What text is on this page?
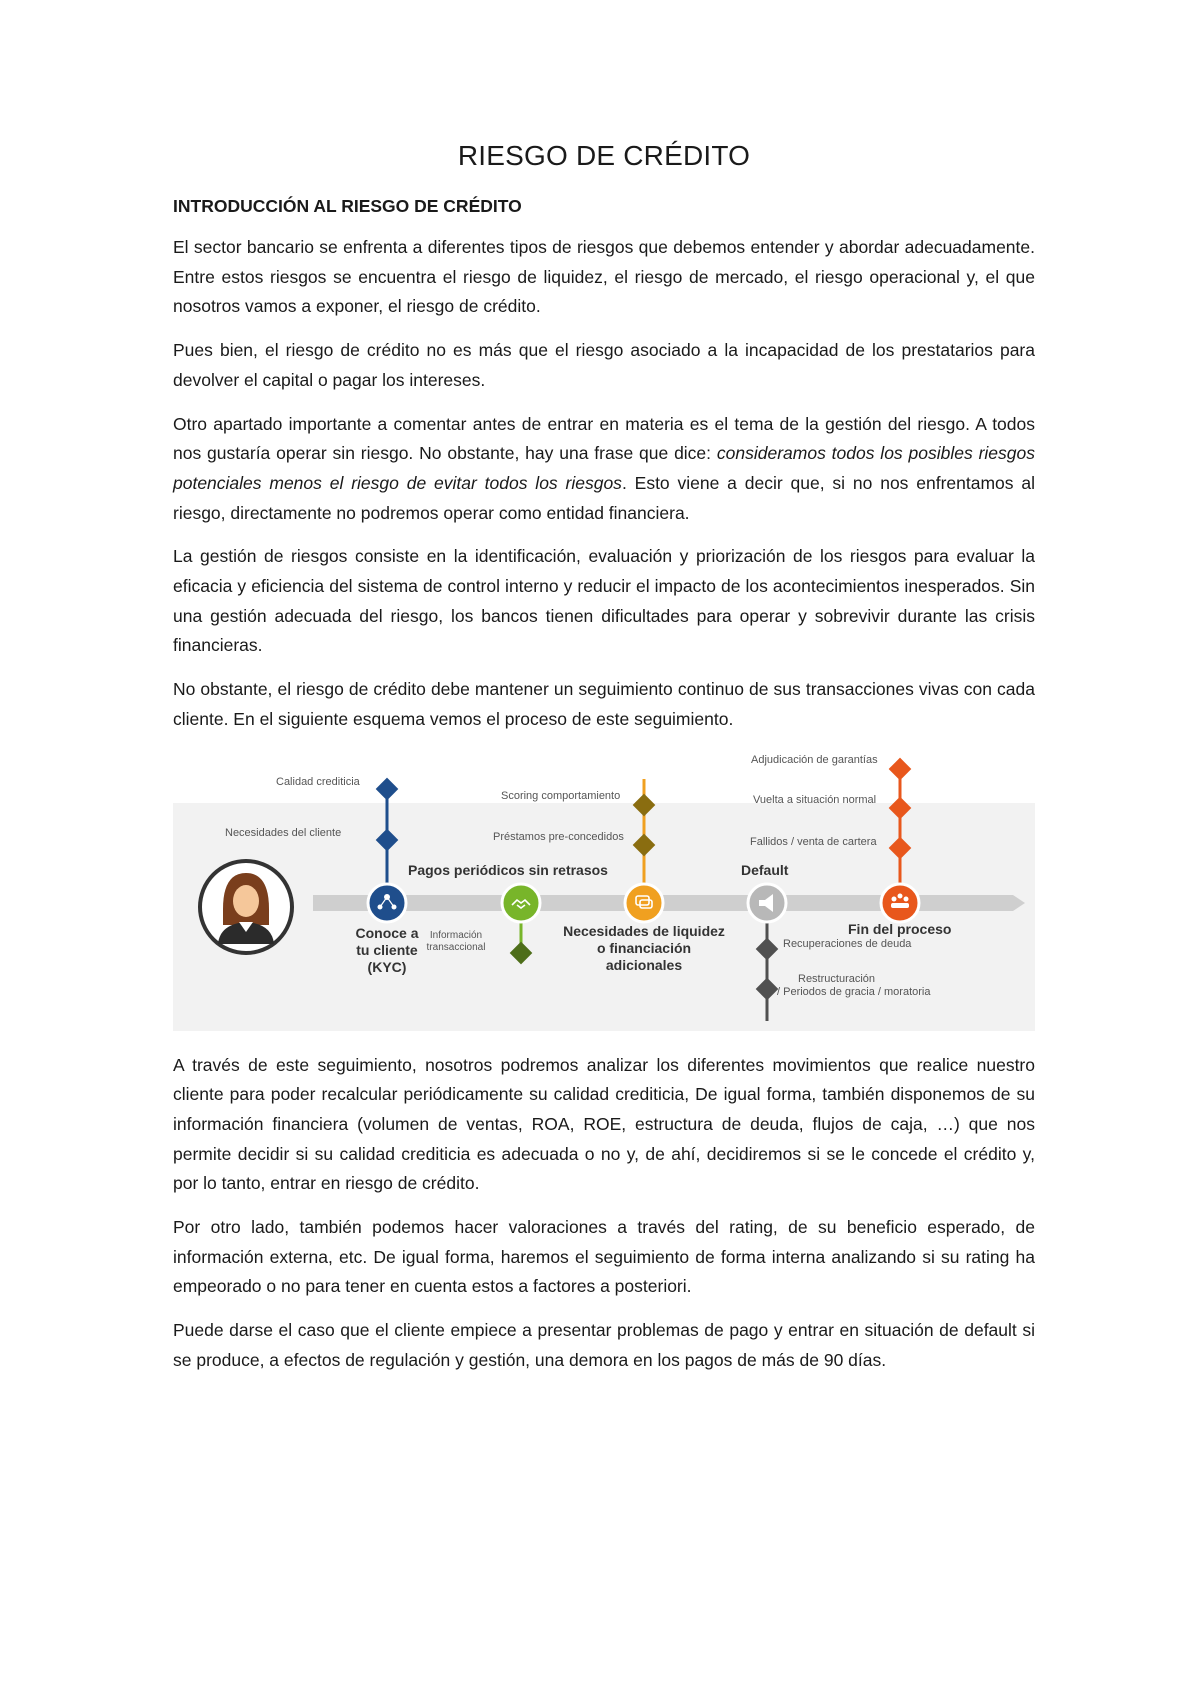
RIESGO DE CRÉDITO
INTRODUCCIÓN AL RIESGO DE CRÉDITO

El sector bancario se enfrenta a diferentes tipos de riesgos que debemos entender y abordar adecuadamente. Entre estos riesgos se encuentra el riesgo de liquidez, el riesgo de mercado, el riesgo operacional y, el que nosotros vamos a exponer, el riesgo de crédito.

Pues bien, el riesgo de crédito no es más que el riesgo asociado a la incapacidad de los prestatarios para devolver el capital o pagar los intereses.

Otro apartado importante a comentar antes de entrar en materia es el tema de la gestión del riesgo. A todos nos gustaría operar sin riesgo. No obstante, hay una frase que dice: consideramos todos los posibles riesgos potenciales menos el riesgo de evitar todos los riesgos. Esto viene a decir que, si no nos enfrentamos al riesgo, directamente no podremos operar como entidad financiera.

La gestión de riesgos consiste en la identificación, evaluación y priorización de los riesgos para evaluar la eficacia y eficiencia del sistema de control interno y reducir el impacto de los acontecimientos inesperados. Sin una gestión adecuada del riesgo, los bancos tienen dificultades para operar y sobrevivir durante las crisis financieras.

No obstante, el riesgo de crédito debe mantener un seguimiento continuo de sus transacciones vivas con cada cliente. En el siguiente esquema vemos el proceso de este seguimiento.

Calidad crediticia
Necesidades del cliente
Conoce a
tu cliente
(KYC)
Información
transaccional
Pagos periódicos sin retrasos
Scoring comportamiento
Préstamos pre-concedidos
Necesidades de liquidez
o financiación
adicionales
Default
Recuperaciones de deuda
Restructuración
/ Periodos de gracia / moratoria
Adjudicación de garantías
Vuelta a situación normal
Fallidos / venta de cartera
Fin del proceso

A través de este seguimiento, nosotros podremos analizar los diferentes movimientos que realice nuestro cliente para poder recalcular periódicamente su calidad crediticia, De igual forma, también disponemos de su información financiera (volumen de ventas, ROA, ROE, estructura de deuda, flujos de caja, …) que nos permite decidir si su calidad crediticia es adecuada o no y, de ahí, decidiremos si se le concede el crédito y, por lo tanto, entrar en riesgo de crédito.

Por otro lado, también podemos hacer valoraciones a través del rating, de su beneficio esperado, de información externa, etc. De igual forma, haremos el seguimiento de forma interna analizando si su rating ha empeorado o no para tener en cuenta estos a factores a posteriori.

Puede darse el caso que el cliente empiece a presentar problemas de pago y entrar en situación de default si se produce, a efectos de regulación y gestión, una demora en los pagos de más de 90 días.
